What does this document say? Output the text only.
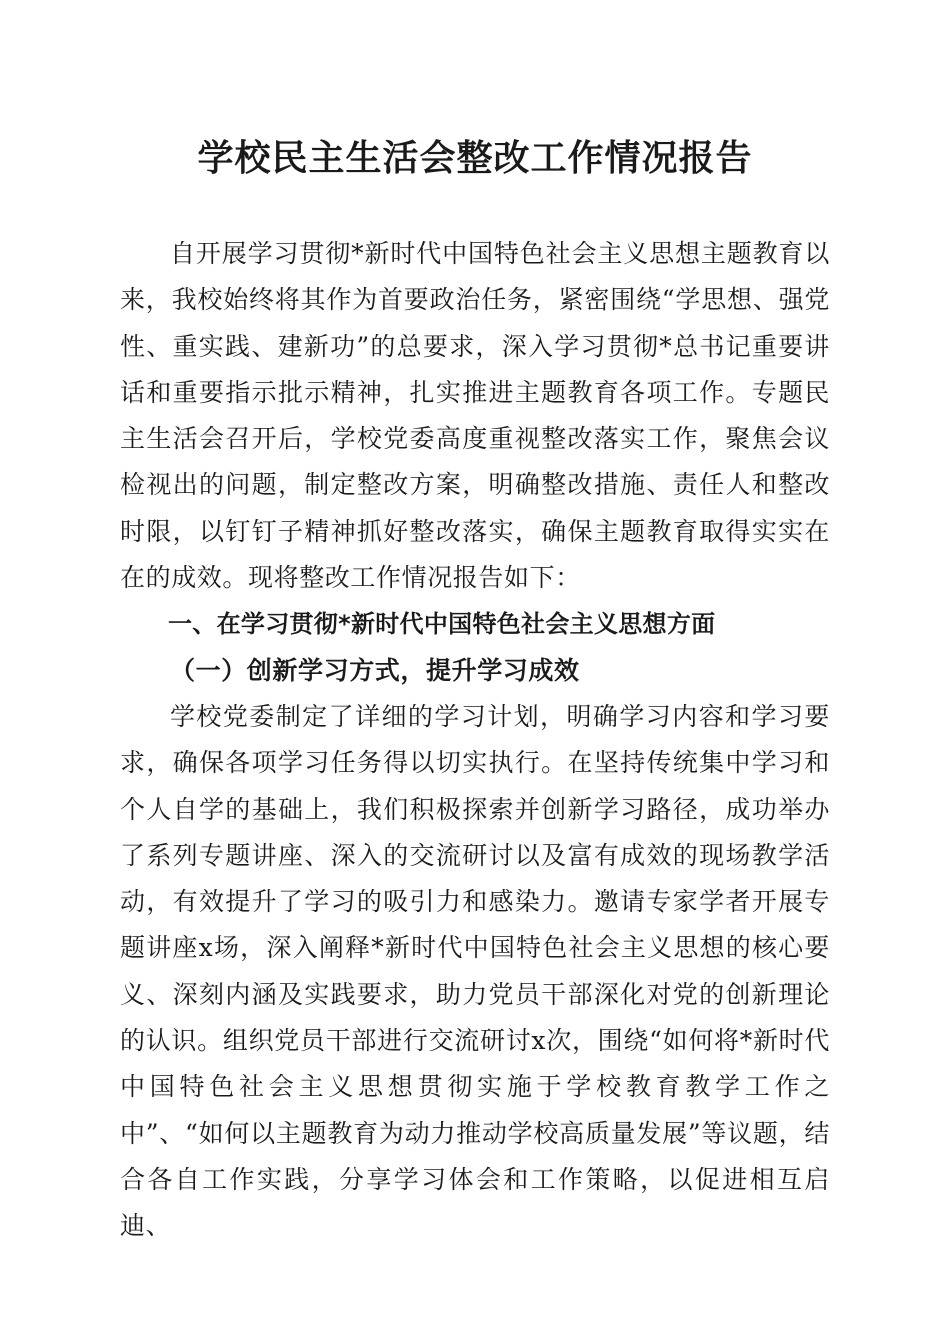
学校民主生活会整改工作情况报告

自开展学习贯彻*新时代中国特色社会主义思想主题教育以来，我校始终将其作为首要政治任务，紧密围绕“学思想、强党性、重实践、建新功”的总要求，深入学习贯彻*总书记重要讲话和重要指示批示精神，扎实推进主题教育各项工作。专题民主生活会召开后，学校党委高度重视整改落实工作，聚焦会议检视出的问题，制定整改方案，明确整改措施、责任人和整改时限，以钉钉子精神抓好整改落实，确保主题教育取得实实在在的成效。现将整改工作情况报告如下：

一、在学习贯彻*新时代中国特色社会主义思想方面

（一）创新学习方式，提升学习成效

学校党委制定了详细的学习计划，明确学习内容和学习要求，确保各项学习任务得以切实执行。在坚持传统集中学习和个人自学的基础上，我们积极探索并创新学习路径，成功举办了系列专题讲座、深入的交流研讨以及富有成效的现场教学活动，有效提升了学习的吸引力和感染力。邀请专家学者开展专题讲座x场，深入阐释*新时代中国特色社会主义思想的核心要义、深刻内涵及实践要求，助力党员干部深化对党的创新理论的认识。组织党员干部进行交流研讨x次，围绕“如何将*新时代中国特色社会主义思想贯彻实施于学校教育教学工作之中”、“如何以主题教育为动力推动学校高质量发展”等议题，结合各自工作实践，分享学习体会和工作策略，以促进相互启迪、
